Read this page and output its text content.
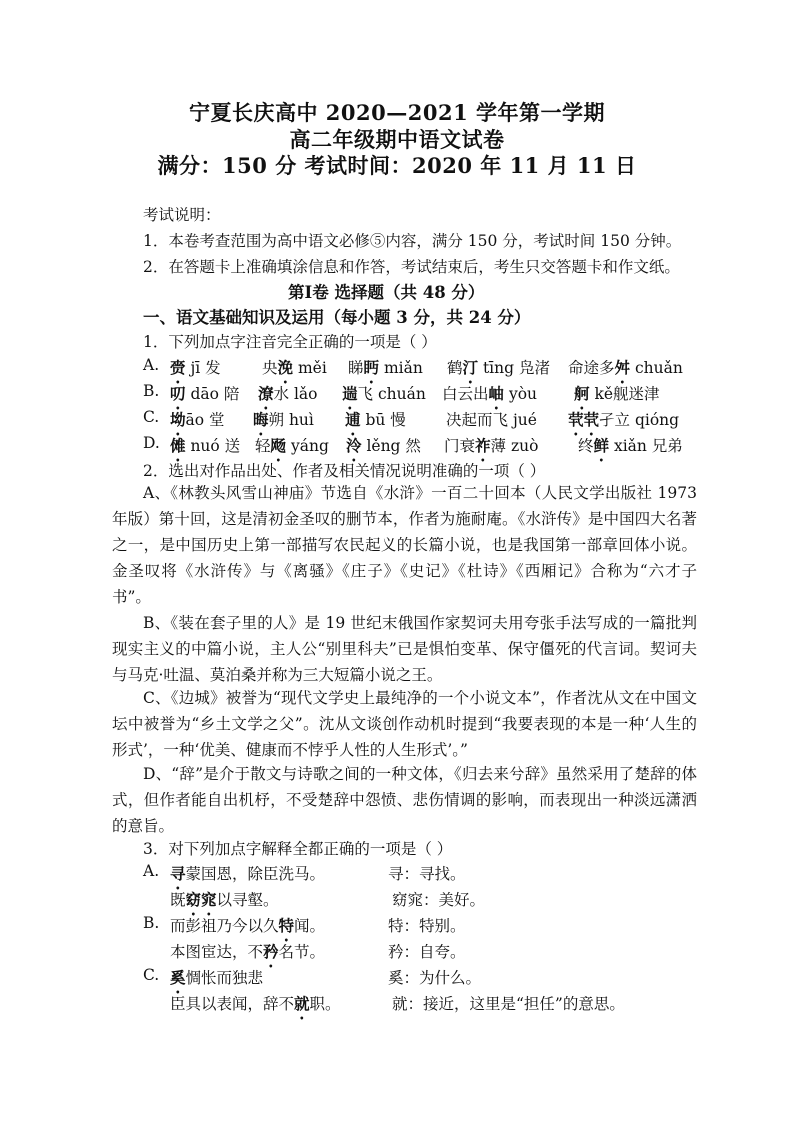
宁夏长庆高中 2020—2021 学年第一学期
高二年级期中语文试卷
满分：150 分 考试时间：2020 年 11 月 11 日
考试说明：
1．本卷考查范围为高中语文必修⑤内容，满分 150 分，考试时间 150 分钟。
2．在答题卡上准确填涂信息和作答，考试结束后，考生只交答题卡和作文纸。
第Ⅰ卷 选择题（共 48 分）
一、语文基础知识及运用（每小题 3 分，共 24 分）
1．下列加点字注音完全正确的一项是（ ）
A. 赍 jī 发	央浼 měi 睇眄 miǎn 鹤汀 tīng 凫渚 命途多舛 chuǎn
B. 叨 dāo 陪 潦水 lǎo 遄飞 chuán 白云出岫 yòu 舸 kě舰迷津
C. 坳āo 堂 晦朔 huì 逋 bū 慢	决起而飞 jué 茕茕孑立 qióng
D. 傩 nuó 送 轻飏 yáng 泠 lěng 然 门衰祚薄 zuò	终鲜 xiǎn 兄弟
2．选出对作品出处、作者及相关情况说明准确的一项（ ）
A、《林教头风雪山神庙》节选自《水浒》一百二十回本（人民文学出版社 1973 年版）第十回，这是清初金圣叹的删节本，作者为施耐庵。《水浒传》是中国四大名著之一，是中国历史上第一部描写农民起义的长篇小说，也是我国第一部章回体小说。金圣叹将《水浒传》与《离骚》《庄子》《史记》《杜诗》《西厢记》合称为“六才子书”。
B、《装在套子里的人》是 19 世纪末俄国作家契诃夫用夸张手法写成的一篇批判现实主义的中篇小说，主人公“别里科夫”已是惧怕变革、保守僵死的代言词。契诃夫与马克·吐温、莫泊桑并称为三大短篇小说之王。
C、《边城》被誉为“现代文学史上最纯净的一个小说文本”，作者沈从文在中国文坛中被誉为“乡土文学之父”。沈从文谈创作动机时提到“我要表现的本是一种‘人生的形式’，一种‘优美、健康而不悖乎人性的人生形式’。”
D、“辞”是介于散文与诗歌之间的一种文体，《归去来兮辞》虽然采用了楚辞的体式，但作者能自出机杼，不受楚辞中怨愤、悲伤情调的影响，而表现出一种淡远潇洒的意旨。
3．对下列加点字解释全都正确的一项是（ ）
A. 寻蒙国恩，除臣洗马。	寻：寻找。
既窈窕以寻壑。	窈窕：美好。
B. 而彭祖乃今以久特闻。	特：特别。
本图宦达，不矜名节。	矜：自夸。
C. 奚惆怅而独悲	奚：为什么。
臣具以表闻，辞不就职。	就：接近，这里是“担任”的意思。
